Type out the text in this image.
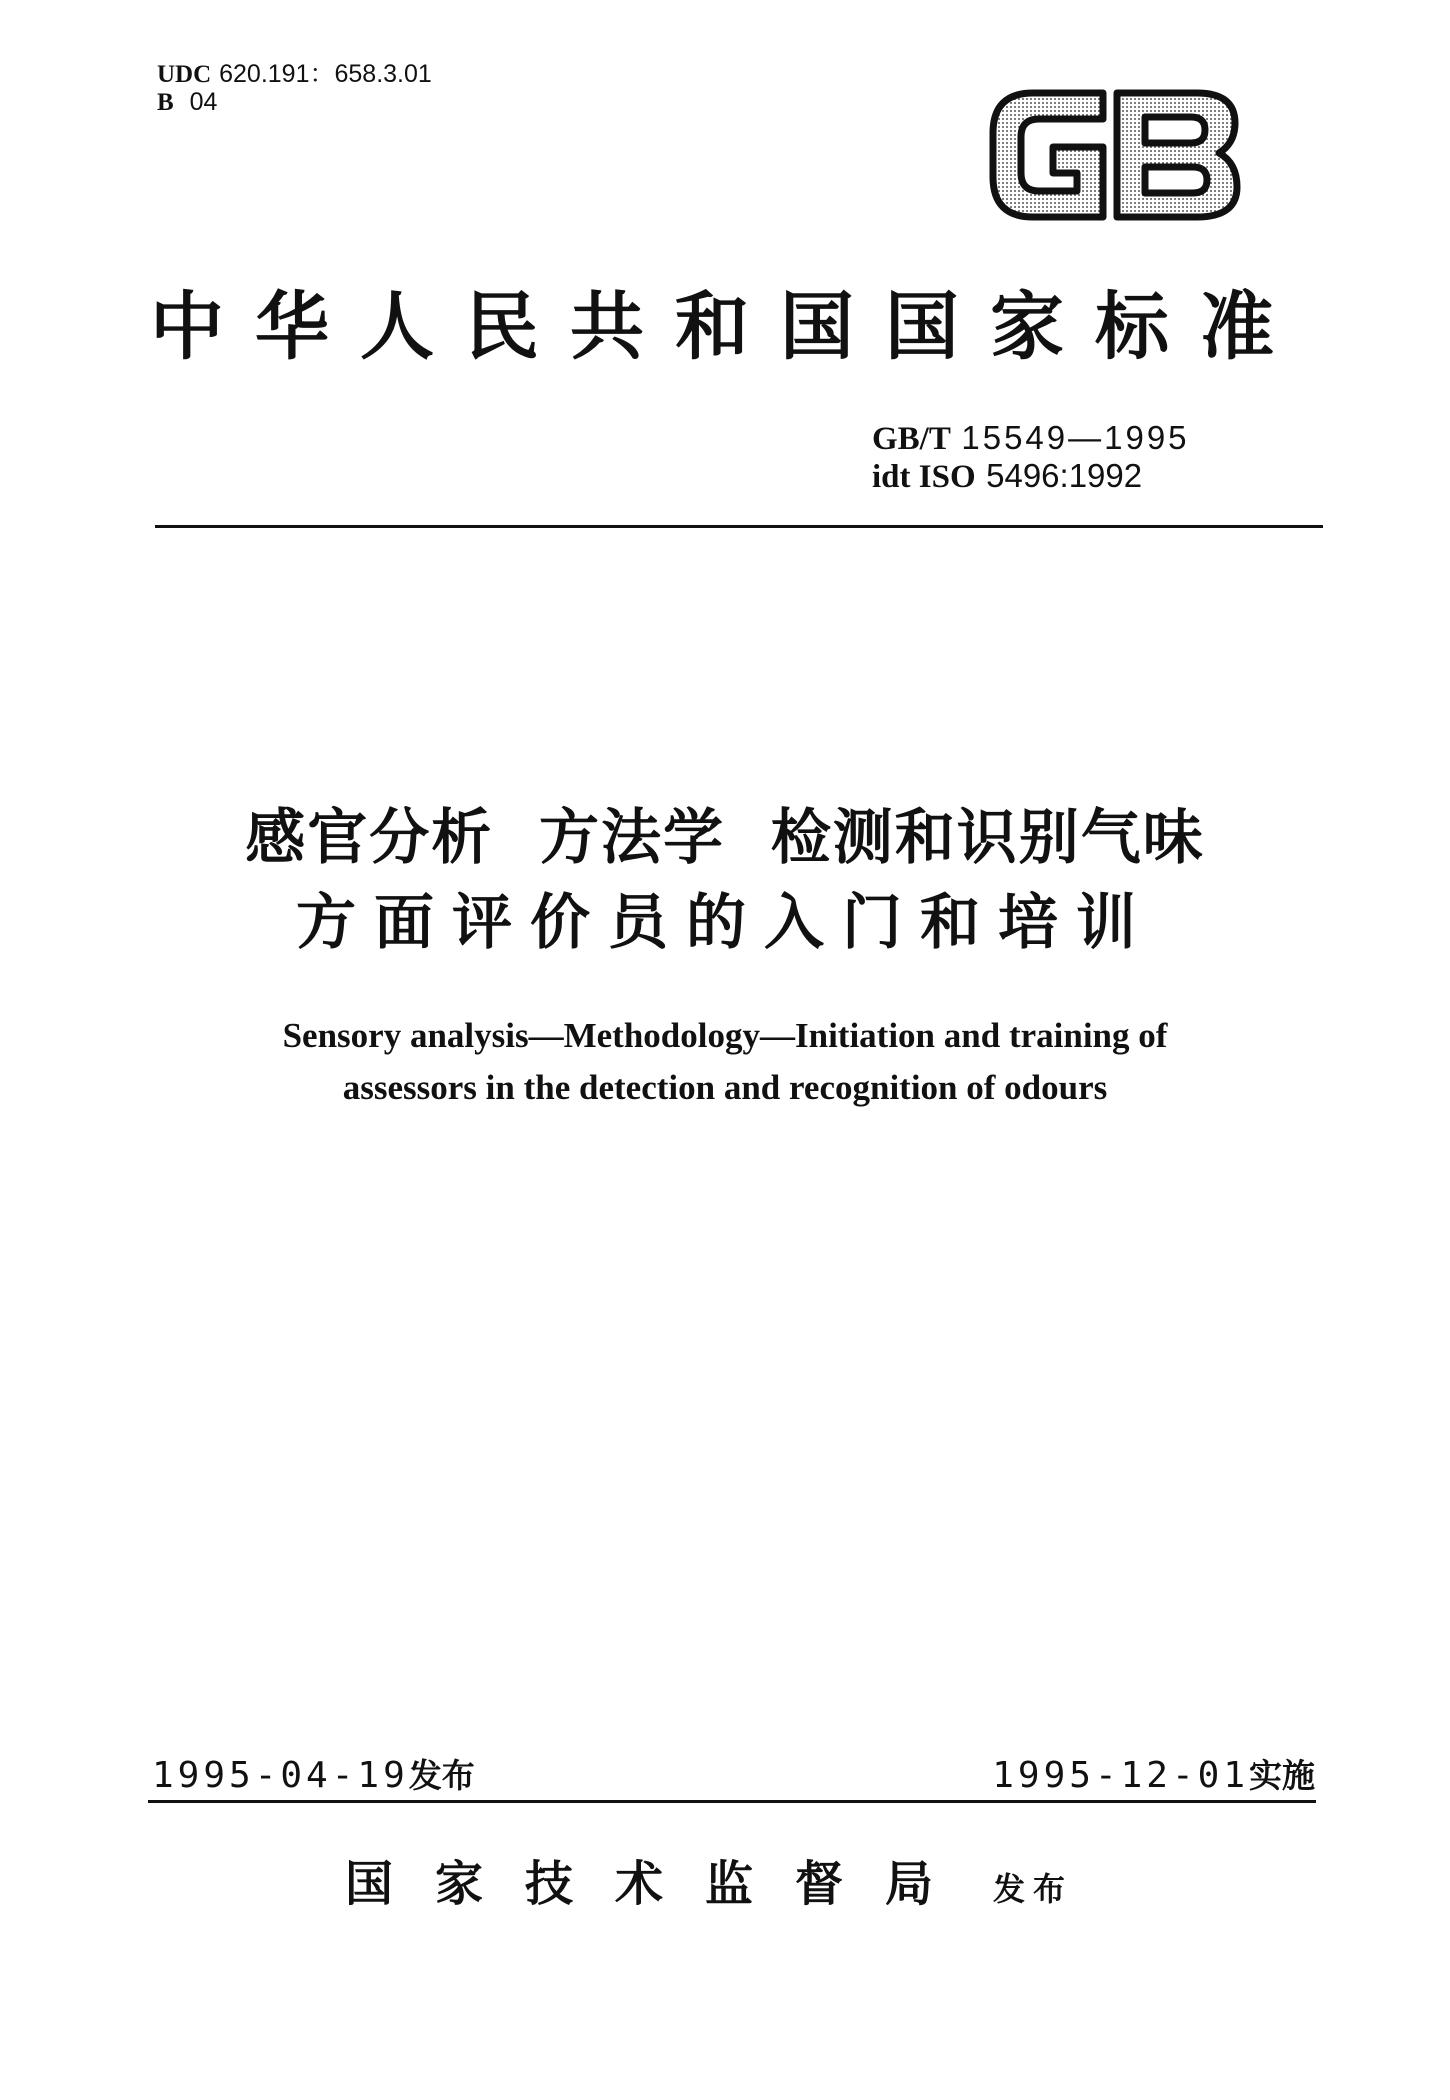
UDC 620.191：658.3.01
B 04
中华人民共和国国家标准
GB/T 15549—1995
idt ISO 5496:1992
感官分析  方法学  检测和识别气味
方面评价员的入门和培训
Sensory analysis—Methodology—Initiation and training of
assessors in the detection and recognition of odours
1995-04-19发布	1995-12-01实施
国家技术监督局 发布
